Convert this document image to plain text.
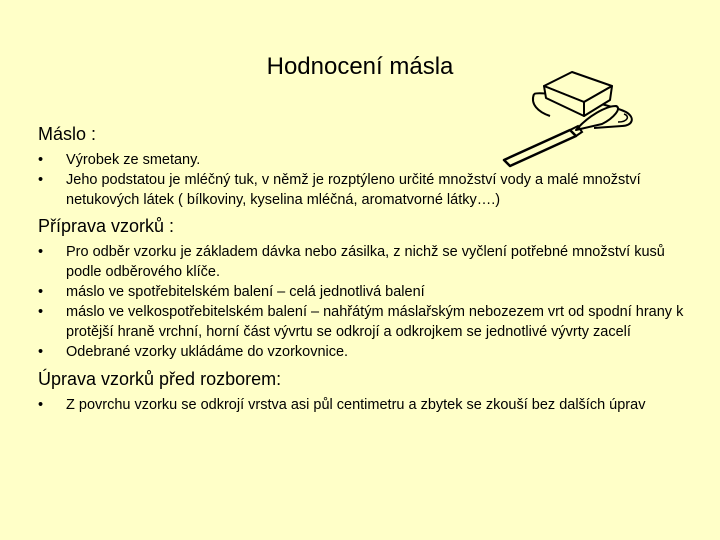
Hodnocení másla
Máslo :
•	Výrobek ze smetany.
•	Jeho podstatou je mléčný tuk, v němž je rozptýleno určité množství vody a malé množství netukových látek ( bílkoviny, kyselina mléčná, aromatvorné látky….)
Příprava vzorků :
•	Pro odběr vzorku je základem dávka nebo zásilka, z nichž se vyčlení potřebné množství kusů podle odběrového klíče.
•	máslo ve spotřebitelském balení – celá jednotlivá balení
•	máslo ve velkospotřebitelském balení – nahřátým máslařským nebozezem vrt od spodní hrany k protější hraně vrchní, horní část vývrtu se odkrojí a odkrojkem se jednotlivé vývrty zacelí
•	Odebrané vzorky ukládáme do vzorkovnice.
Úprava vzorků před rozborem:
•	Z povrchu vzorku se odkrojí vrstva asi půl centimetru a zbytek se zkouší bez dalších úprav
